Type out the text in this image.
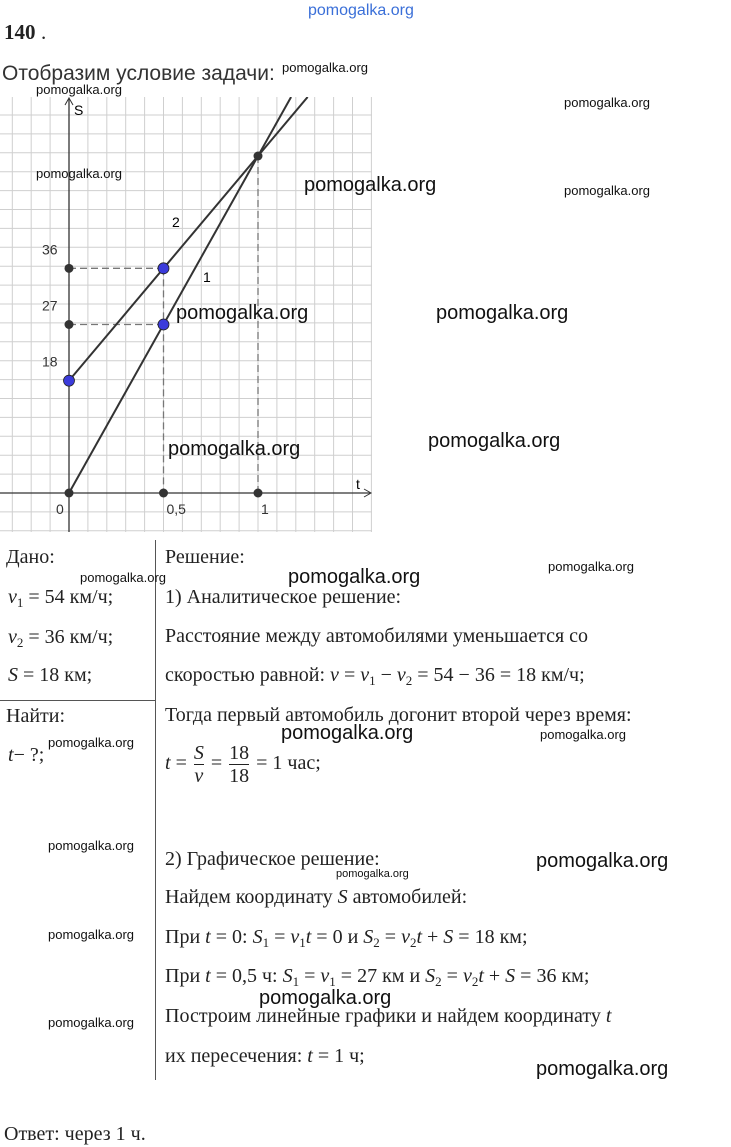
pomogalka.org
140 .
Отобразим условие задачи:
S
t
2
1
0	0,5	1
18
27
36
Дано:
$v_1 = 54$ км/ч;
$v_2 = 36$ км/ч;
S = 18 км;
Найти:
t− ?;
Решение:
1) Аналитическое решение:
Расстояние между автомобилями уменьшается со
скоростью равной: $v = v_1 - v_2 = 54 - 36 = 18$ км/ч;
Тогда первый автомобиль догонит второй через время:
$t = \frac{S}{v} = \frac{18}{18} = 1$ час;
2) Графическое решение:
Найдем координату S автомобилей:
При t = 0: $S_1 = v_1t = 0$ и $S_2 = v_2t + S = 18$ км;
При t = 0,5 ч: $S_1 = v_1 = 27$ км и $S_2 = v_2t + S = 36$ км;
Построим линейные графики и найдем координату t
их пересечения: t = 1 ч;
Ответ: через 1 ч.
pomogalka.org
pomogalka.org
pomogalka.org
pomogalka.org
pomogalka.org
pomogalka.org
pomogalka.org	pomogalka.org
pomogalka.org
pomogalka.org
pomogalka.org
pomogalka.org	pomogalka.org
pomogalka.org	pomogalka.org	pomogalka.org
pomogalka.org
pomogalka.org
pomogalka.org
pomogalka.org
pomogalka.org
pomogalka.org
pomogalka.org
